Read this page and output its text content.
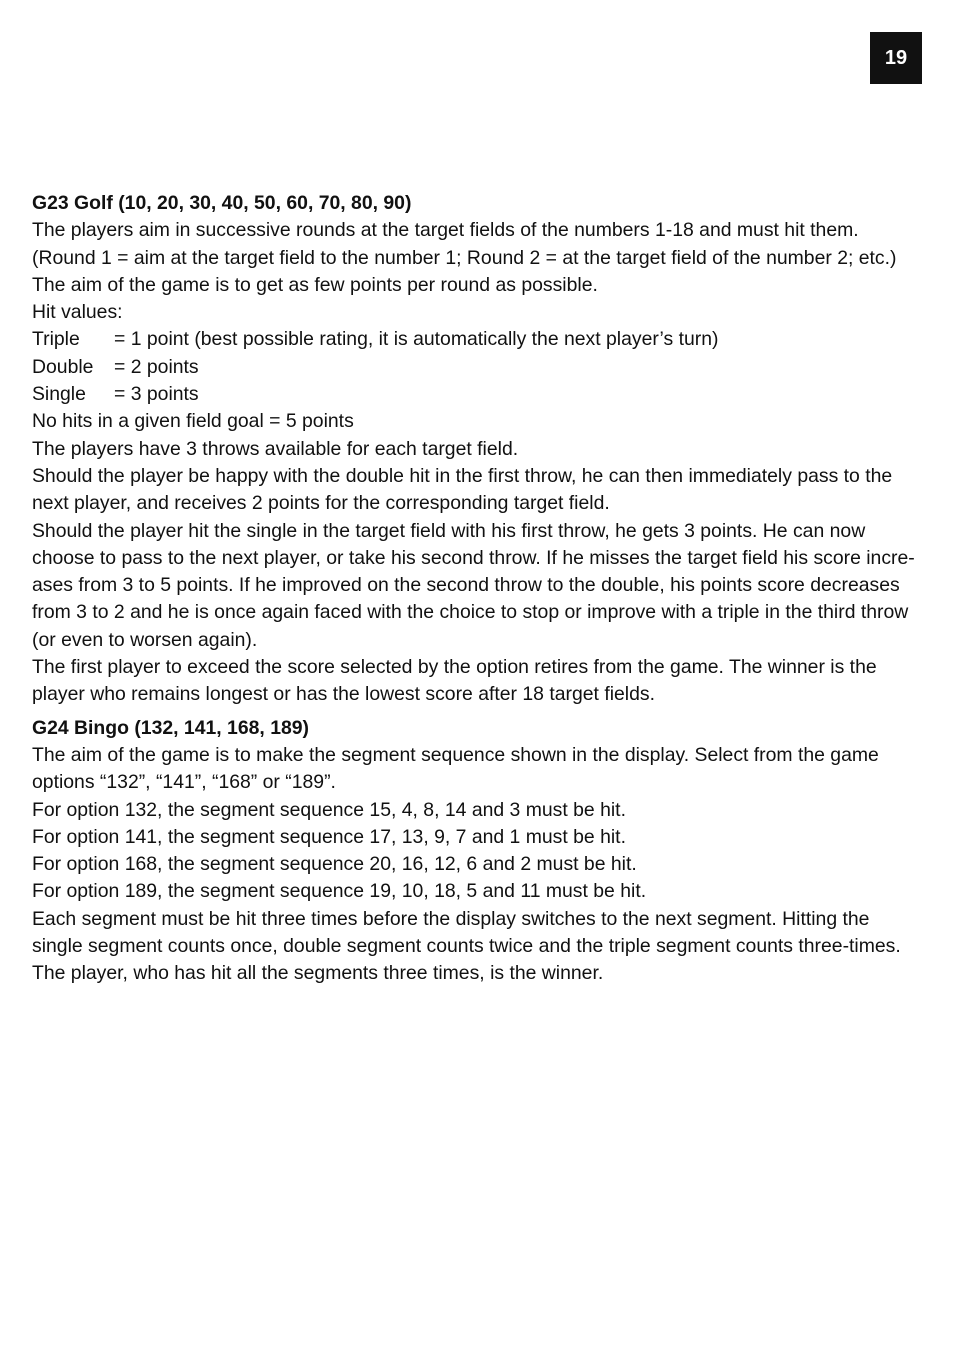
19

G23 Golf (10, 20, 30, 40, 50, 60, 70, 80, 90)

The players aim in successive rounds at the target fields of the numbers 1-18 and must hit them. (Round 1 = aim at the target field to the number 1; Round 2 = at the target field of the number 2; etc.) The aim of the game is to get as few points per round as possible.

Hit values:

Triple	= 1 point (best possible rating, it is automatically the next player’s turn)
Double	= 2 points
Single	= 3 points

No hits in a given field goal = 5 points

The players have 3 throws available for each target field.

Should the player be happy with the double hit in the first throw, he can then immediately pass to the next player, and receives 2 points for the corresponding target field.

Should the player hit the single in the target field with his first throw, he gets 3 points. He can now choose to pass to the next player, or take his second throw. If he misses the target field his score incre-ases from 3 to 5 points. If he improved on the second throw to the double, his points score decreases from 3 to 2 and he is once again faced with the choice to stop or improve with a triple in the third throw (or even to worsen again).

The first player to exceed the score selected by the option retires from the game. The winner is the player who remains longest or has the lowest score after 18 target fields.

G24 Bingo (132, 141, 168, 189)

The aim of the game is to make the segment sequence shown in the display. Select from the game options “132”, “141”, “168” or “189”.

For option 132, the segment sequence 15, 4, 8, 14 and 3 must be hit.

For option 141, the segment sequence 17, 13, 9, 7 and 1 must be hit.

For option 168, the segment sequence 20, 16, 12, 6 and 2 must be hit.

For option 189, the segment sequence 19, 10, 18, 5 and 11 must be hit.

Each segment must be hit three times before the display switches to the next segment. Hitting the single segment counts once, double segment counts twice and the triple segment counts three-times.

The player, who has hit all the segments three times, is the winner.
